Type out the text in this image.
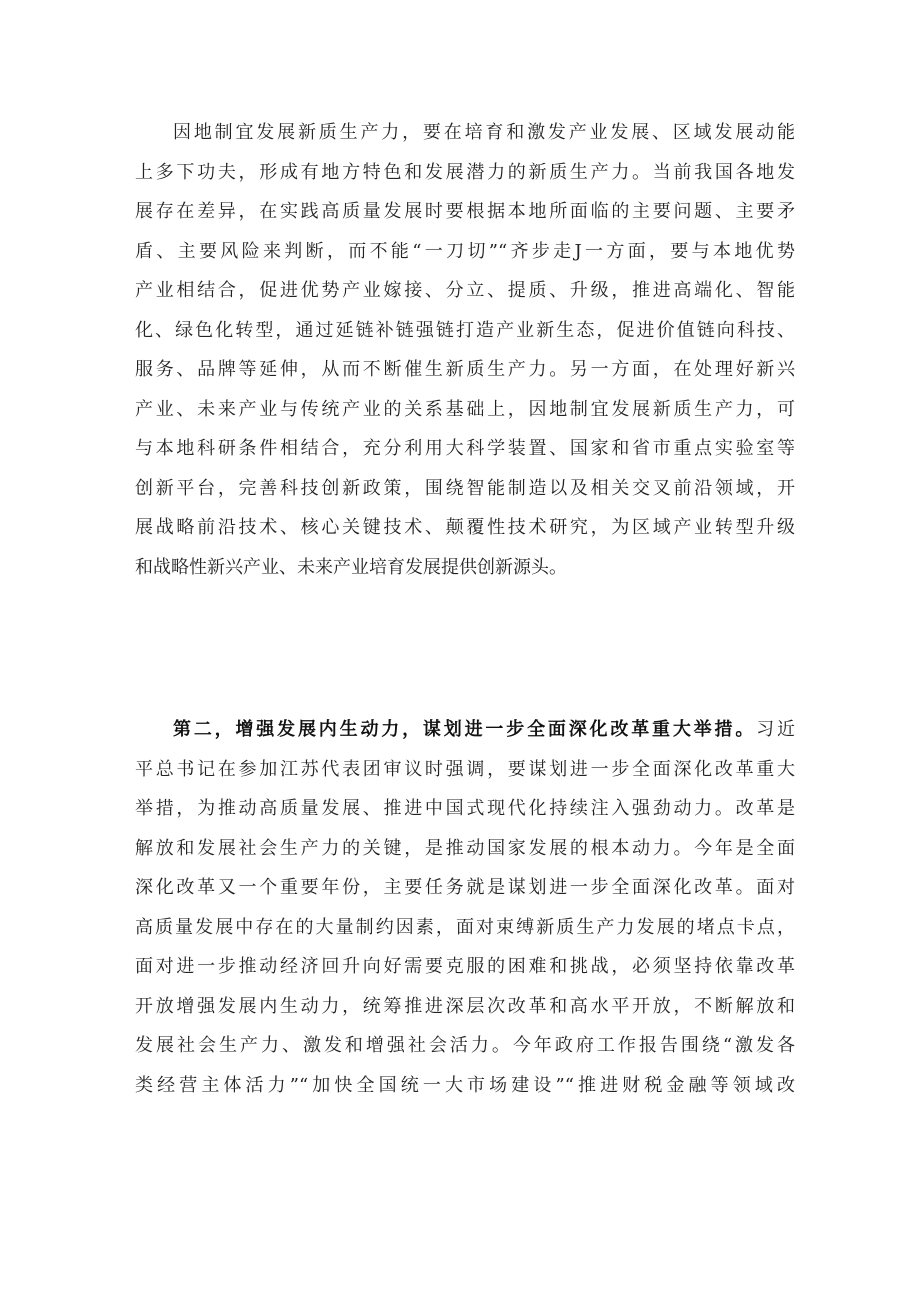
因地制宜发展新质生产力，要在培育和激发产业发展、区域发展动能
上多下功夫，形成有地方特色和发展潜力的新质生产力。当前我国各地发
展存在差异，在实践高质量发展时要根据本地所面临的主要问题、主要矛
盾、主要风险来判断，而不能“一刀切”“齐步走J一方面，要与本地优势
产业相结合，促进优势产业嫁接、分立、提质、升级，推进高端化、智能
化、绿色化转型，通过延链补链强链打造产业新生态，促进价值链向科技、
服务、品牌等延伸，从而不断催生新质生产力。另一方面，在处理好新兴
产业、未来产业与传统产业的关系基础上，因地制宜发展新质生产力，可
与本地科研条件相结合，充分利用大科学装置、国家和省市重点实验室等
创新平台，完善科技创新政策，围绕智能制造以及相关交叉前沿领域，开
展战略前沿技术、核心关键技术、颠覆性技术研究，为区域产业转型升级
和战略性新兴产业、未来产业培育发展提供创新源头。
第二，增强发展内生动力，谋划进一步全面深化改革重大举措。习近
平总书记在参加江苏代表团审议时强调，要谋划进一步全面深化改革重大
举措，为推动高质量发展、推进中国式现代化持续注入强劲动力。改革是
解放和发展社会生产力的关键，是推动国家发展的根本动力。今年是全面
深化改革又一个重要年份，主要任务就是谋划进一步全面深化改革。面对
高质量发展中存在的大量制约因素，面对束缚新质生产力发展的堵点卡点，
面对进一步推动经济回升向好需要克服的困难和挑战，必须坚持依靠改革
开放增强发展内生动力，统筹推进深层次改革和高水平开放，不断解放和
发展社会生产力、激发和增强社会活力。今年政府工作报告围绕“激发各
类经营主体活力”“加快全国统一大市场建设”“推进财税金融等领域改
